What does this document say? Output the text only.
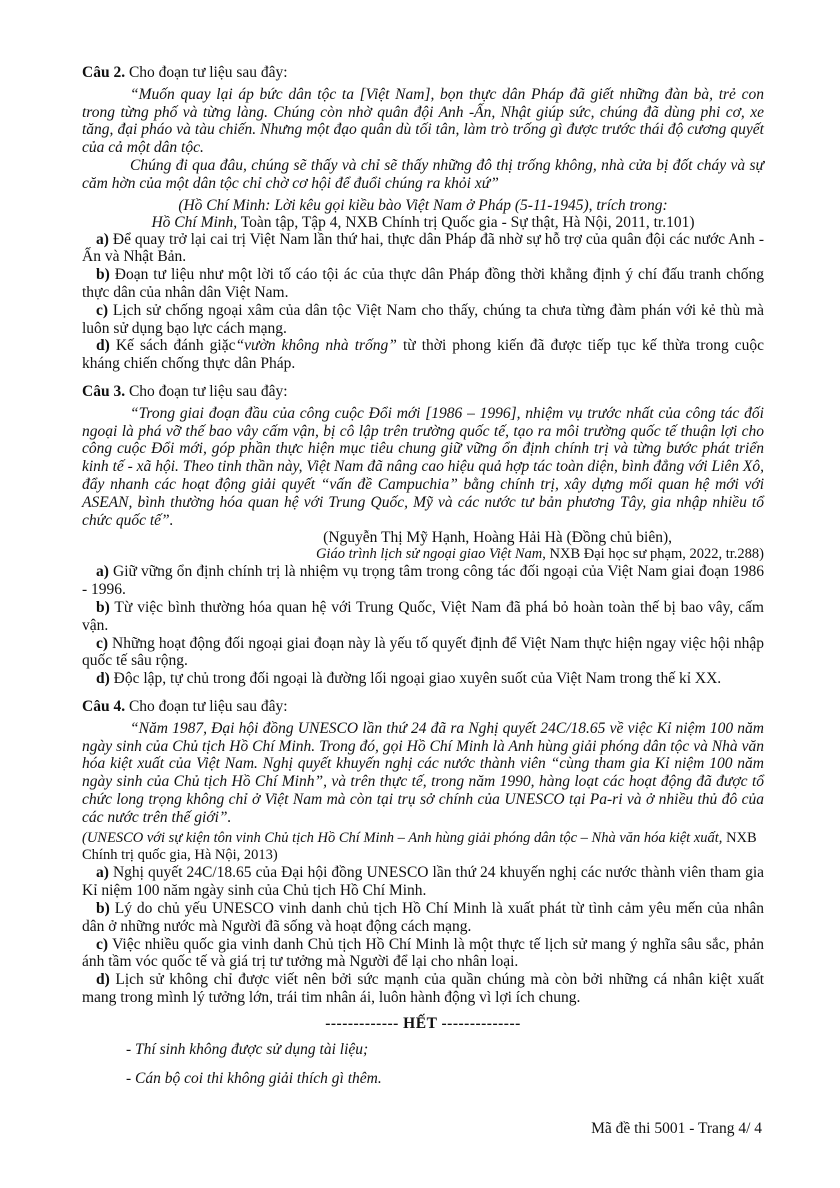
Câu 2. Cho đoạn tư liệu sau đây:

“Muốn quay lại áp bức dân tộc ta [Việt Nam], bọn thực dân Pháp đã giết những đàn bà, trẻ con trong từng phố và từng làng. Chúng còn nhờ quân đội Anh -Ấn, Nhật giúp sức, chúng đã dùng phi cơ, xe tăng, đại pháo và tàu chiến. Nhưng một đạo quân dù tối tân, làm trò trống gì được trước thái độ cương quyết của cả một dân tộc.

Chúng đi qua đâu, chúng sẽ thấy và chỉ sẽ thấy những đô thị trống không, nhà cửa bị đốt cháy và sự căm hờn của một dân tộc chỉ chờ cơ hội để đuổi chúng ra khỏi xứ”

(Hồ Chí Minh: Lời kêu gọi kiều bào Việt Nam ở Pháp (5-11-1945), trích trong:

Hồ Chí Minh, Toàn tập, Tập 4, NXB Chính trị Quốc gia - Sự thật, Hà Nội, 2011, tr.101)

a) Để quay trở lại cai trị Việt Nam lần thứ hai, thực dân Pháp đã nhờ sự hỗ trợ của quân đội các nước Anh - Ấn và Nhật Bản.

b) Đoạn tư liệu như một lời tố cáo tội ác của thực dân Pháp đồng thời khẳng định ý chí đấu tranh chống thực dân của nhân dân Việt Nam.

c) Lịch sử chống ngoại xâm của dân tộc Việt Nam cho thấy, chúng ta chưa từng đàm phán với kẻ thù mà luôn sử dụng bạo lực cách mạng.

d) Kế sách đánh giặc“vườn không nhà trống” từ thời phong kiến đã được tiếp tục kế thừa trong cuộc kháng chiến chống thực dân Pháp.

Câu 3. Cho đoạn tư liệu sau đây:

“Trong giai đoạn đầu của công cuộc Đổi mới [1986 – 1996], nhiệm vụ trước nhất của công tác đối ngoại là phá vỡ thế bao vây cấm vận, bị cô lập trên trường quốc tế, tạo ra môi trường quốc tế thuận lợi cho công cuộc Đổi mới, góp phần thực hiện mục tiêu chung giữ vững ổn định chính trị và từng bước phát triển kinh tế - xã hội. Theo tinh thần này, Việt Nam đã nâng cao hiệu quả hợp tác toàn diện, bình đẳng với Liên Xô, đẩy nhanh các hoạt động giải quyết “vấn đề Campuchia” bằng chính trị, xây dựng mối quan hệ mới với ASEAN, bình thường hóa quan hệ với Trung Quốc, Mỹ và các nước tư bản phương Tây, gia nhập nhiều tổ chức quốc tế”.

(Nguyễn Thị Mỹ Hạnh, Hoàng Hải Hà (Đồng chủ biên),

Giáo trình lịch sử ngoại giao Việt Nam, NXB Đại học sư phạm, 2022, tr.288)

a) Giữ vững ổn định chính trị là nhiệm vụ trọng tâm trong công tác đối ngoại của Việt Nam giai đoạn 1986 - 1996.

b) Từ việc bình thường hóa quan hệ với Trung Quốc, Việt Nam đã phá bỏ hoàn toàn thế bị bao vây, cấm vận.

c) Những hoạt động đối ngoại giai đoạn này là yếu tố quyết định để Việt Nam thực hiện ngay việc hội nhập quốc tế sâu rộng.

d) Độc lập, tự chủ trong đối ngoại là đường lối ngoại giao xuyên suốt của Việt Nam trong thế kỉ XX.

Câu 4. Cho đoạn tư liệu sau đây:

“Năm 1987, Đại hội đồng UNESCO lần thứ 24 đã ra Nghị quyết 24C/18.65 về việc Kỉ niệm 100 năm ngày sinh của Chủ tịch Hồ Chí Minh. Trong đó, gọi Hồ Chí Minh là Anh hùng giải phóng dân tộc và Nhà văn hóa kiệt xuất của Việt Nam. Nghị quyết khuyến nghị các nước thành viên “cùng tham gia Kỉ niệm 100 năm ngày sinh của Chủ tịch Hồ Chí Minh”, và trên thực tế, trong năm 1990, hàng loạt các hoạt động đã được tổ chức long trọng không chỉ ở Việt Nam mà còn tại trụ sở chính của UNESCO tại Pa-ri và ở nhiều thủ đô của các nước trên thế giới”.

(UNESCO với sự kiện tôn vinh Chủ tịch Hồ Chí Minh – Anh hùng giải phóng dân tộc – Nhà văn hóa kiệt xuất, NXB Chính trị quốc gia, Hà Nội, 2013)

a) Nghị quyết 24C/18.65 của Đại hội đồng UNESCO lần thứ 24 khuyến nghị các nước thành viên tham gia Kỉ niệm 100 năm ngày sinh của Chủ tịch Hồ Chí Minh.

b) Lý do chủ yếu UNESCO vinh danh chủ tịch Hồ Chí Minh là xuất phát từ tình cảm yêu mến của nhân dân ở những nước mà Người đã sống và hoạt động cách mạng.

c) Việc nhiều quốc gia vinh danh Chủ tịch Hồ Chí Minh là một thực tế lịch sử mang ý nghĩa sâu sắc, phản ánh tầm vóc quốc tế và giá trị tư tưởng mà Người để lại cho nhân loại.

d) Lịch sử không chỉ được viết nên bởi sức mạnh của quần chúng mà còn bởi những cá nhân kiệt xuất mang trong mình lý tưởng lớn, trái tim nhân ái, luôn hành động vì lợi ích chung.

------------- HẾT --------------

- Thí sinh không được sử dụng tài liệu;

- Cán bộ coi thi không giải thích gì thêm.

Mã đề thi 5001 - Trang 4/ 4
